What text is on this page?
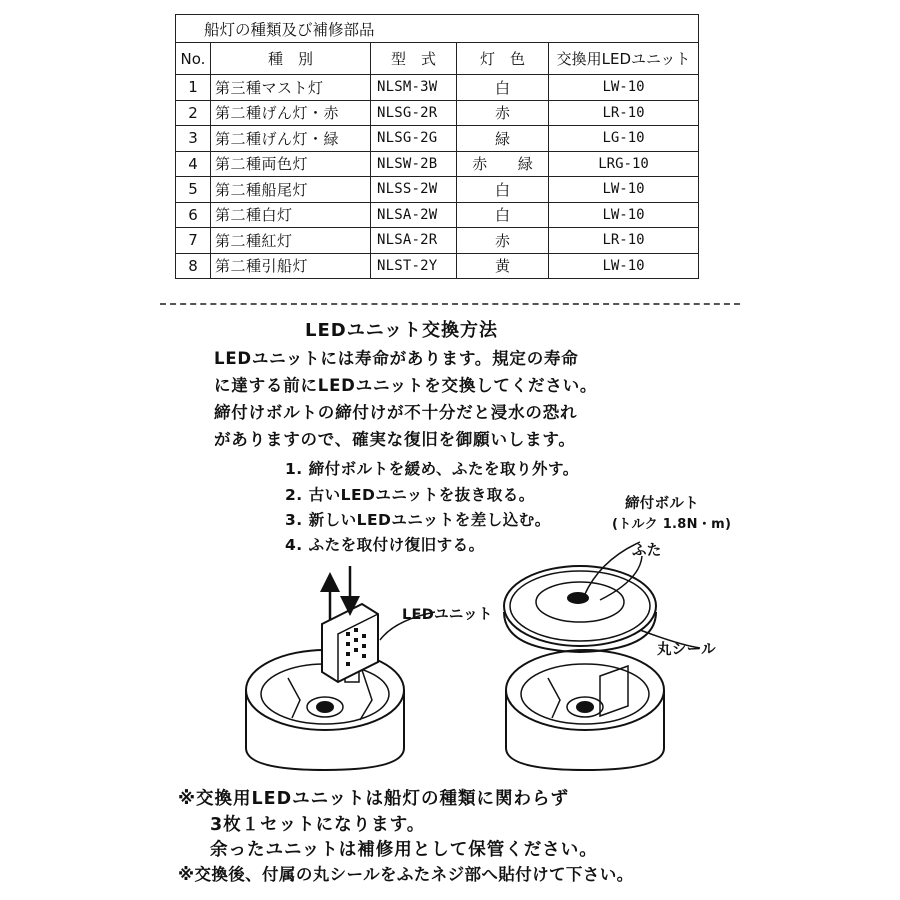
船灯の種類及び補修部品				
No.	種　別	型　式	灯　色	交換用LEDユニット
1	第三種マスト灯	NLSM-3W	白	LW-10
2	第二種げん灯・赤	NLSG-2R	赤	LR-10
3	第二種げん灯・緑	NLSG-2G	緑	LG-10
4	第二種両色灯	NLSW-2B	赤 緑	LRG-10
5	第二種船尾灯	NLSS-2W	白	LW-10
6	第二種白灯	NLSA-2W	白	LW-10
7	第二種紅灯	NLSA-2R	赤	LR-10
8	第二種引船灯	NLST-2Y	黄	LW-10
LEDユニット交換方法
LEDユニットには寿命があります。規定の寿命
に達する前にLEDユニットを交換してください。
締付けボルトの締付けが不十分だと浸水の恐れ
がありますので、確実な復旧を御願いします。
1. 締付ボルトを緩め、ふたを取り外す。
2. 古いLEDユニットを抜き取る。
3. 新しいLEDユニットを差し込む。
4. ふたを取付け復旧する。
LEDユニット
締付ボルト
(トルク 1.8N・m)
ふた
丸シール
※交換用LEDユニットは船灯の種類に関わらず
3枚１セットになります。
余ったユニットは補修用として保管ください。
※交換後、付属の丸シールをふたネジ部へ貼付けて下さい。
